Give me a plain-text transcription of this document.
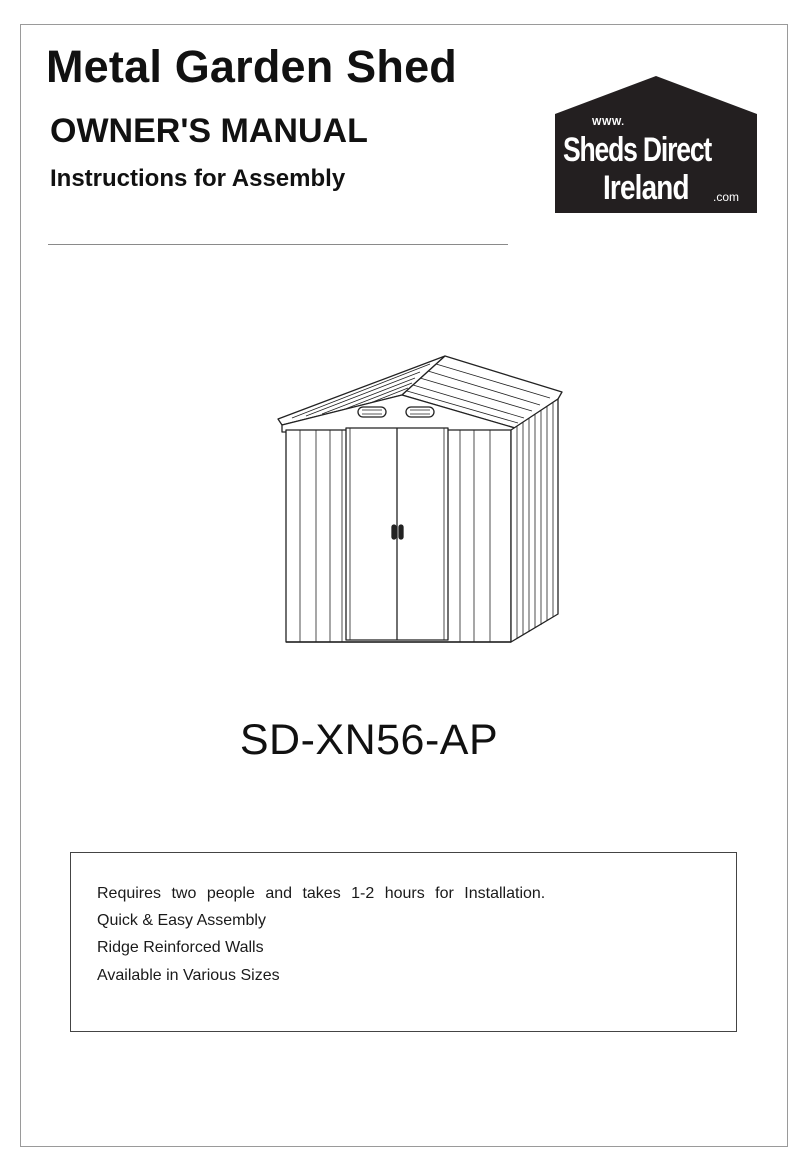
Metal Garden Shed
OWNER'S MANUAL
Instructions for Assembly
WWW.
Sheds Direct
Ireland .com
SD-XN56-AP
Requires two people and takes 1-2 hours for Installation.
Quick & Easy Assembly
Ridge Reinforced Walls
Available in Various Sizes
